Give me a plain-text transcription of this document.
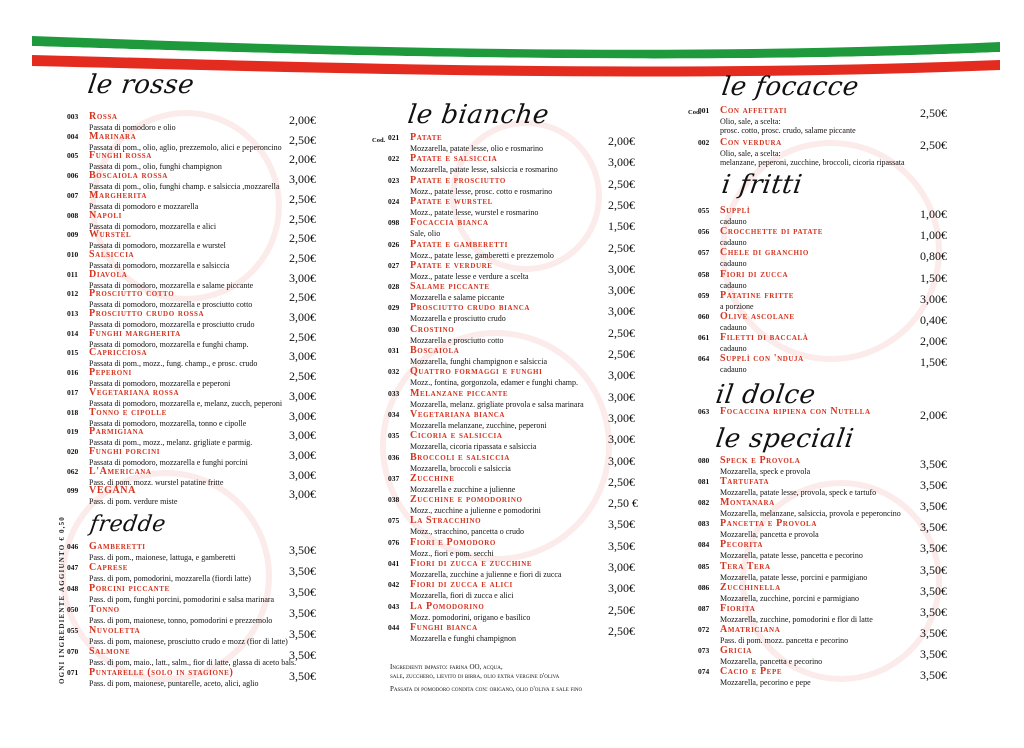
OGNI INGREDIENTE AGGIUNTO € 0,50
le rosse
fredde
le bianche
le focacce
i fritti
il dolce
le speciali
Cod.
Cod.
003	Rossa	2,00€
Passata di pomodoro e olio
004	Marinara	2,50€
Passata di pom., olio, aglio, prezzemolo, alici e peperoncino
005	Funghi rossa	2,00€
Passata di pom., olio, funghi champignon
006	Boscaiola rossa	3,00€
Passata di pom., olio, funghi champ. e salsiccia ,mozzarella
007	Margherita	2,50€
Passata di pomodoro e mozzarella
008	Napoli	2,50€
Passata di pomodoro, mozzarella e alici
009	Wurstel	2,50€
Passata di pomodoro, mozzarella e wurstel
010	Salsiccia	2,50€
Passata di pomodoro, mozzarella e salsiccia
011	Diavola	3,00€
Passata di pomodoro, mozzarella e salame piccante
012	Prosciutto cotto	2,50€
Passata di pomodoro, mozzarella e prosciutto cotto
013	Prosciutto crudo rossa	3,00€
Passata di pomodoro, mozzarella e prosciutto crudo
014	Funghi margherita	2,50€
Passata di pomodoro, mozzarella e funghi champ.
015	Capricciosa	3,00€
Passata di pom., mozz., fung. champ., e prosc. crudo
016	Peperoni	2,50€
Passata di pomodoro, mozzarella e peperoni
017	Vegetariana rossa	3,00€
Passata di pomodoro, mozzarella e, melanz, zucch, peperoni
018	Tonno e cipolle	3,00€
Passata di pomodoro, mozzarella, tonno e cipolle
019	Parmigiana	3,00€
Passata di pom., mozz., melanz. grigliate e parmig.
020	Funghi porcini	3,00€
Passata di pomodoro, mozzarella e funghi porcini
062	L'Americana	3,00€
Pass. di pom. mozz. wurstel patatine fritte
099	VEGANA	3,00€
Pass. di pom. verdure miste
046	Gamberetti	3,50€
Pass. di pom., maionese, lattuga, e gamberetti
047	Caprese	3,50€
Pass. di pom, pomodorini, mozzarella (fiordi latte)
048	Porcini piccante	3,50€
Pass. di pom, funghi porcini, pomodorini e salsa marinara
050	Tonno	3,50€
Pass. di pom, maionese, tonno, pomodorini e prezzemolo
055	Nuvoletta	3,50€
Pass. di pom, maionese, prosciutto crudo e mozz (fior di latte)
070	Salmone	3,50€
Pass. di pom, maio., latt., salm., fior di latte, glassa di aceto bals.
071	Puntarelle (solo in stagione)	3,50€
Pass. di pom, maionese, puntarelle, aceto, alici, aglio
021	Patate	2,00€
Mozzarella, patate lesse, olio e rosmarino
022	Patate e salsiccia	3,00€
Mozzarella, patate lesse, salsiccia e rosmarino
023	Patate e prosciutto	2,50€
Mozz., patate lesse, prosc. cotto e rosmarino
024	Patate e wurstel	2,50€
Mozz., patate lesse, wurstel e rosmarino
098	Focaccia bianca	1,50€
Sale, olio
026	Patate e gamberetti	2,50€
Mozz., patate lesse, gamberetti e prezzemolo
027	Patate e verdure	3,00€
Mozz., patate lesse e verdure a scelta
028	Salame piccante	3,00€
Mozzarella e salame piccante
029	Prosciutto crudo bianca	3,00€
Mozzarella e prosciutto crudo
030	Crostino	2,50€
Mozzarella e prosciutto cotto
031	Boscaiola	2,50€
Mozzarella, funghi champignon e salsiccia
032	Quattro formaggi e funghi	3,00€
Mozz., fontina, gorgonzola, edamer e funghi champ.
033	Melanzane piccante	3,00€
Mozzarella, melanz. grigliate provola e salsa marinara
034	Vegetariana bianca	3,00€
Mozzarella melanzane, zucchine, peperoni
035	Cicoria e salsiccia	3,00€
Mozzarella, cicoria ripassata e salsiccia
036	Broccoli e salsiccia	3,00€
Mozzarella, broccoli e salsiccia
037	Zucchine	2,50€
Mozzarella e zucchine a julienne
038	Zucchine e pomodorino	2,50 €
Mozz., zucchine a julienne e pomodorini
075	La Stracchino	3,50€
Mozz., stracchino, pancetta o crudo
076	Fiori e Pomodoro	3,50€
Mozz., fiori e pom. secchi
041	Fiori di zucca e zucchine	3,00€
Mozzarella, zucchine a julienne e fiori di zucca
042	Fiori di zucca e alici	3,00€
Mozzarella, fiori di zucca e alici
043	La Pomodorino	2,50€
Mozz. pomodorini, origano e basilico
044	Funghi bianca	2,50€
Mozzarella e funghi champignon
001	Con affettati	2,50€
Olio, sale, a scelta:
prosc. cotto, prosc. crudo, salame piccante
002	Con verdura	2,50€
Olio, sale, a scelta:
melanzane, peperoni, zucchine, broccoli, cicoria ripassata
055	Supplì	1,00€
cadauno
056	Crocchette di patate	1,00€
cadauno
057	Chele di granchio	0,80€
cadauno
058	Fiori di zucca	1,50€
cadauno
059	Patatine fritte	3,00€
a porzione
060	Olive ascolane	0,40€
cadauno
061	Filetti di baccalà	2,00€
cadauno
064	Supplì con 'nduja	1,50€
cadauno
063	Focaccina ripiena con Nutella	2,00€
080	Speck e Provola	3,50€
Mozzarella, speck e provola
081	Tartufata	3,50€
Mozzarella, patate lesse, provola, speck e tartufo
082	Montanara	3,50€
Mozzarella, melanzane, salsiccia, provola e peperoncino
083	Pancetta e Provola	3,50€
Mozzarella, pancetta e provola
084	Pecorita	3,50€
Mozzarella, patate lesse, pancetta e pecorino
085	Tera Tera	3,50€
Mozzarella, patate lesse, porcini e parmigiano
086	Zucchinella	3,50€
Mozzarella, zucchine, porcini e parmigiano
087	Fiorita	3,50€
Mozzarella, zucchine, pomodorini e flor di latte
072	Amatriciana	3,50€
Pass. di pom. mozz. pancetta e pecorino
073	Gricia	3,50€
Mozzarella, pancetta e pecorino
074	Cacio e Pepe	3,50€
Mozzarella, pecorino e pepe
Ingredienti impasto: farina OO, acqua,
sale, zucchero, lievito di birra, olio extra vergine d'oliva
Passata di pomodoro condita con: origano, olio d'oliva e sale fino
